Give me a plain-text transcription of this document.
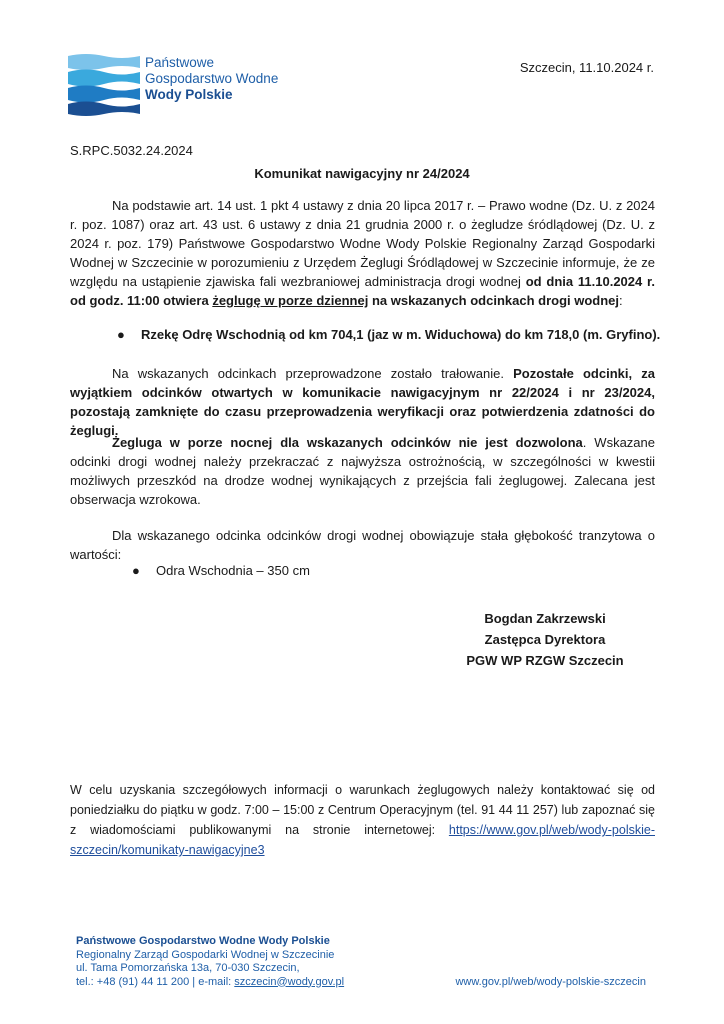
Państwowe
Gospodarstwo Wodne
Wody Polskie
Szczecin, 11.10.2024 r.
S.RPC.5032.24.2024
Komunikat nawigacyjny nr 24/2024
Na podstawie art. 14 ust. 1 pkt 4 ustawy z dnia 20 lipca 2017 r. – Prawo wodne (Dz. U. z 2024 r. poz. 1087) oraz art. 43 ust. 6 ustawy z dnia 21 grudnia 2000 r. o żegludze śródlądowej (Dz. U. z 2024 r. poz. 179) Państwowe Gospodarstwo Wodne Wody Polskie Regionalny Zarząd Gospodarki Wodnej w Szczecinie w porozumieniu z Urzędem Żeglugi Śródlądowej w Szczecinie informuje, że ze względu na ustąpienie zjawiska fali wezbraniowej administracja drogi wodnej od dnia 11.10.2024 r. od godz. 11:00 otwiera żeglugę w porze dziennej na wskazanych odcinkach drogi wodnej:
● Rzekę Odrę Wschodnią od km 704,1 (jaz w m. Widuchowa) do km 718,0 (m. Gryfino).
Na wskazanych odcinkach przeprowadzone zostało trałowanie. Pozostałe odcinki, za wyjątkiem odcinków otwartych w komunikacie nawigacyjnym nr 22/2024 i nr 23/2024, pozostają zamknięte do czasu przeprowadzenia weryfikacji oraz potwierdzenia zdatności do żeglugi.
Żegluga w porze nocnej dla wskazanych odcinków nie jest dozwolona. Wskazane odcinki drogi wodnej należy przekraczać z najwyższa ostrożnością, w szczególności w kwestii możliwych przeszkód na drodze wodnej wynikających z przejścia fali żeglugowej. Zalecana jest obserwacja wzrokowa.
Dla wskazanego odcinka odcinków drogi wodnej obowiązuje stała głębokość tranzytowa o wartości:
● Odra Wschodnia – 350 cm
Bogdan Zakrzewski
Zastępca Dyrektora
PGW WP RZGW Szczecin
W celu uzyskania szczegółowych informacji o warunkach żeglugowych należy kontaktować się od poniedziałku do piątku w godz. 7:00 – 15:00 z Centrum Operacyjnym (tel. 91 44 11 257) lub zapoznać się z wiadomościami publikowanymi na stronie internetowej: https://www.gov.pl/web/wody-polskie-szczecin/komunikaty-nawigacyjne3
Państwowe Gospodarstwo Wodne Wody Polskie
Regionalny Zarząd Gospodarki Wodnej w Szczecinie
ul. Tama Pomorzańska 13a, 70-030 Szczecin,
tel.: +48 (91) 44 11 200 | e-mail: szczecin@wody.gov.pl	www.gov.pl/web/wody-polskie-szczecin
